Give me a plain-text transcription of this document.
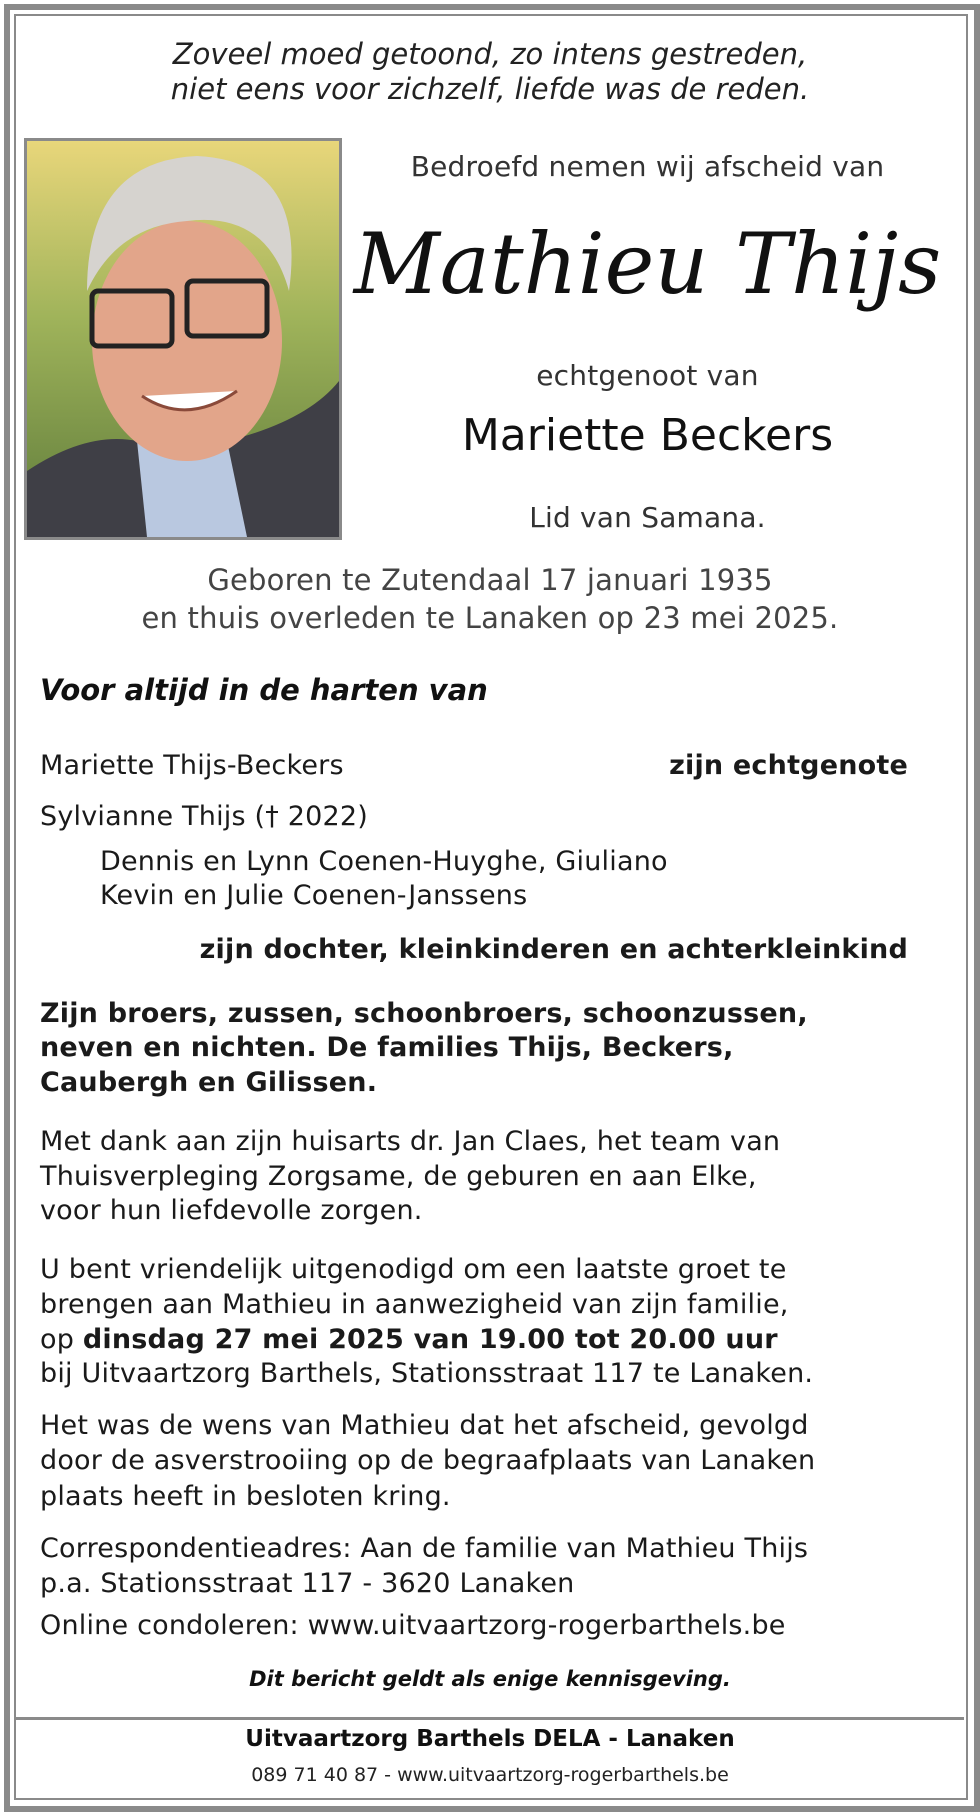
Zoveel moed getoond, zo intens gestreden,
niet eens voor zichzelf, liefde was de reden.
Bedroefd nemen wij afscheid van
Mathieu Thijs
echtgenoot van
Mariette Beckers
Lid van Samana.
Geboren te Zutendaal 17 januari 1935
en thuis overleden te Lanaken op 23 mei 2025.
Voor altijd in de harten van
Mariette Thijs-Beckers	zijn echtgenote
Sylvianne Thijs († 2022)
Dennis en Lynn Coenen-Huyghe, Giuliano
Kevin en Julie Coenen-Janssens
zijn dochter, kleinkinderen en achterkleinkind
Zijn broers, zussen, schoonbroers, schoonzussen,
neven en nichten. De families Thijs, Beckers,
Caubergh en Gilissen.
Met dank aan zijn huisarts dr. Jan Claes, het team van
Thuisverpleging Zorgsame, de geburen en aan Elke,
voor hun liefdevolle zorgen.
U bent vriendelijk uitgenodigd om een laatste groet te
brengen aan Mathieu in aanwezigheid van zijn familie,
op dinsdag 27 mei 2025 van 19.00 tot 20.00 uur
bij Uitvaartzorg Barthels, Stationsstraat 117 te Lanaken.
Het was de wens van Mathieu dat het afscheid, gevolgd
door de asverstrooiing op de begraafplaats van Lanaken
plaats heeft in besloten kring.
Correspondentieadres: Aan de familie van Mathieu Thijs
p.a. Stationsstraat 117 - 3620 Lanaken
Online condoleren: www.uitvaartzorg-rogerbarthels.be
Dit bericht geldt als enige kennisgeving.
Uitvaartzorg Barthels DELA - Lanaken
089 71 40 87 - www.uitvaartzorg-rogerbarthels.be
